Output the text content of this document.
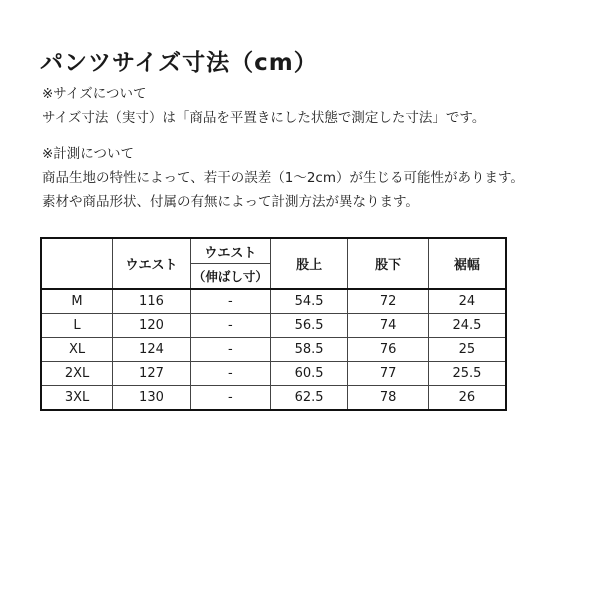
パンツサイズ寸法（cm）
※サイズについて
サイズ寸法（実寸）は「商品を平置きにした状態で測定した寸法」です。
※計測について
商品生地の特性によって、若干の誤差（1～2cm）が生じる可能性があります。
素材や商品形状、付属の有無によって計測方法が異なります。
	ウエスト	ウエスト	股上	股下	裾幅
		（伸ばし寸）			
M	116	-	54.5	72	24
L	120	-	56.5	74	24.5
XL	124	-	58.5	76	25
2XL	127	-	60.5	77	25.5
3XL	130	-	62.5	78	26
